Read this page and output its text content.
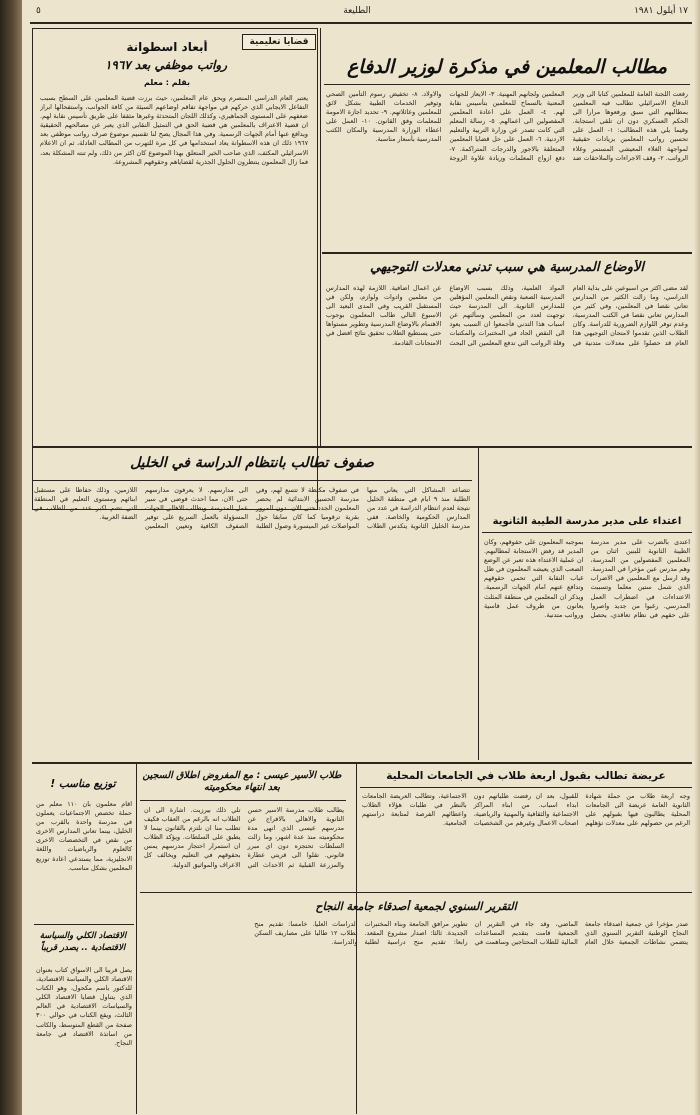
١٧ أيلول ١٩٨١
الطليعة
٥
قضايا تعليمية
أبعاد اسطوانة
رواتب موظفي بعد ١٩٦٧
بقلم : معلم
يعتبر العام الدراسي المنصرم ويحق عام المعلمين، حيث برزت قضية المعلمين على السطح بسبب التفاعل الايجابي الذي حركهم في مواجهة تفاقم اوضاعهم السيئة من كافة الجوانب، واستفحالها ابراز ضعفهم على المستوى الجماهيري، وكذلك اللجان المتحدثة وغيرها مثقفا على طريق تأسيس نقابة لهم. ان قضية الاعتراف بالمعلمين هي قضية الحق في التمثيل النقابي الذي يعبر عن مصالحهم الحقيقية ويدافع عنها أمام الجهات الرسمية. وفي هذا المجال يصح لنا تقسيم موضوع صرف رواتب موظفي بعد ١٩٦٧ ذلك ان هذه الاسطوانة يعاد استخدامها في كل مرة للتهرب من المطالب العادلة، ثم ان الاعلام الاسرائيلي المكثف، الذي صاحب الخير المتعلق بهذا الموضوع كان اكثر من ذلك، ولم تنته المشكلة بعد، فما زال المعلمون ينتظرون الحلول الجذرية لقضاياهم وحقوقهم المشروعة.
مطالب المعلمين في مذكرة لوزير الدفاع
رفعت اللجنة العامة للمعلمين كتابا الى وزير الدفاع الاسرائيلي تطالب فيه المعلمين بمطالبهم التي سبق ورفعوها مرارا الى الحكم العسكري دون ان تلقى استجابة. وفيما يلي هذه المطالب: ١- العمل على تحسين رواتب المعلمين بزيادات حقيقية لمواجهة الغلاء المعيشي المستمر وغلاء الرواتب. ٢- وقف الاجراءات والملاحقات ضد المعلمين ولجانهم المهنية. ٣- الايعاز للجهات المعنية بالسماح للمعلمين بتأسيس نقابة لهم. ٤- العمل على اعادة المعلمين المفصولين الى اعمالهم. ٥- رسالة المعلم التي كانت تصدر عن وزارة التربية والتعليم الاردنية. ٦- العمل على حل قضايا المعلمين المتعلقة بالاجور والدرجات المتراكمة. ٧- دفع ازواج المعلمات وزيادة علاوة الزوجة والاولاد. ٨- تخفيض رسوم التأمين الصحي وتوفير الخدمات الطبية بشكل لائق للمعلمين وعائلاتهم. ٩- تحديد اجازة الامومة للمعلمات وفق القانون. ١٠- العمل على اعطاء الوزارة المدرسية والمكان الكتب المدرسية بأسعار مناسبة.
الأوضاع المدرسية هي سبب تدني معدلات التوجيهي
لقد مضى اكثر من اسبوعين على بداية العام الدراسي، وما زالت الكثير من المدارس تعاني نقصا في المعلمين، وفي كثير من المدارس تعاني نقصا في الكتب المدرسية، وعدم توفر اللوازم الضرورية للدراسة. وكان الطلاب الذين تقدموا لامتحان التوجيهي هذا العام قد حصلوا على معدلات متدنية في المواد العلمية، وذلك بسبب الاوضاع المدرسية الصعبة ونقص المعلمين المؤهلين للمدارس الثانوية. الى المدرسة حيث توجهت لعدد من المعلمين وسألتهم عن اسباب هذا التدني فأجمعوا ان السبب يعود الى النقص الحاد في المختبرات والمكتبات وقلة الرواتب التي تدفع المعلمين الى البحث عن اعمال اضافية. اللازمة لهذه المدارس من معلمين وادوات ولوازم، ولكن في المستقبل القريب وفي المدى البعيد الى الاسبوع التالي طالب المعلمون بوجوب الاهتمام بالاوضاع المدرسية وتطوير مستواها حتى يستطيع الطلاب تحقيق نتائج افضل في الامتحانات القادمة.
صفوف تطالب بانتظام الدراسة في الخليل
تتصاعد المشاكل التي يعاني منها الطلبة منذ ٩ ايام في منطقة الخليل نتيجة لعدم انتظام الدراسة في عدد من المدارس الحكومية والخاصة. ففي مدرسة الخليل الثانوية يتكدس الطلاب في صفوف مكتظة لا تتسع لهم، وفي مدرسة الحسين الابتدائية لم يحضر المعلمون الجدد حتى الان. دون المرور بقرية ترقوميا كما كان سابقا حول المواصلات غير الميسورة وصول الطلبة الى مدارسهم. لا يعرفون مدارسهم حتى الان، مما احدث فوضى في سير عمل المدرسة. ويطالب الاهالي الجهات المسؤولة بالعمل السريع على توفير الصفوف الكافية وتعيين المعلمين اللازمين، وذلك حفاظا على مستقبل ابنائهم ومستوى التعليم في المنطقة التي تضم اكبر عدد من الطلاب في الضفة الغربية.	اعتداء على مدير مدرسة الطيبة الثانوية
اعتدى بالضرب على مدير مدرسة الطيبة الثانوية للبنين اثنان من المعلمين المفصولين من المدرسة، وهم مدرس عين مؤخرا في المدرسة. وقد ارسل مع المعلمين في الاضراب الذي شمل ستين معلما وتسببت الاعتداءات في اضطراب العمل المدرسي. رغبوا من جديد واصروا على حقهم في نظام تعاقدي، يحصل بموجبه المعلمون على حقوقهم، وكان المدير قد رفض الاستجابة لمطالبهم. ان عملية الاعتداء هذه تعبر عن الوضع الصعب الذي يعيشه المعلمون في ظل غياب النقابة التي تحمي حقوقهم وتدافع عنهم امام الجهات الرسمية. ويذكر ان المعلمين في منطقة المثلث يعانون من ظروف عمل قاسية ورواتب متدنية.
طلاب الأسير عيسى : مع المفروض اطلاق السجين بعد انتهاء محكوميته
يطالب طلاب مدرسة الاسير حسن الثانوية والاهالي بالافراج عن مدرسهم عيسى الذي انهى مدة محكوميته منذ عدة اشهر، وما زالت السلطات تحتجزه دون اي مبرر قانوني. تقلوا الى قريتي عطارة والمزرعة القبلية ثم الاحداث التي تلي ذلك بيرزيت. اشارة الى ان الطلاب انه بالرغم من العقاب فكيف تطلب منا ان نلتزم بالقانون بينما لا يطبق على السلطات. ويؤكد الطلاب ان استمرار احتجاز مدرسهم يمس بحقوقهم في التعليم ويخالف كل الاعراف والمواثيق الدولية.
توزيع مناسب !
اقام معلمون بان ١١٠ معلم من حملة تخصص الاجتماعيات يعملون في مدرسة واحدة بالقرب من الخليل، بينما تعاني المدارس الاخرى من نقص في التخصصات الاخرى كالعلوم والرياضيات واللغة الانجليزية، مما يستدعي اعادة توزيع المعلمين بشكل مناسب.
الاقتصاد الكلي والسياسة الاقتصادية .. يصدر قريباً
يصل قريبا الى الاسواق كتاب بعنوان الاقتصاد الكلي والسياسة الاقتصادية، للدكتور باسم مكحول، وهو الكتاب الذي يتناول قضايا الاقتصاد الكلي والسياسات الاقتصادية في العالم الثالث، ويقع الكتاب في حوالي ٣٠٠ صفحة من القطع المتوسط، والكاتب من اساتذة الاقتصاد في جامعة النجاح.
عريضة تطالب بقبول أربعة طلاب في الجامعات المحلية
وجه اربعة طلاب من حملة شهادة الثانوية العامة عريضة الى الجامعات المحلية يطالبون فيها بقبولهم على الرغم من حصولهم على معدلات تؤهلهم للقبول، بعد ان رفضت طلباتهم دون ابداء اسباب. من ابناء المراكز الاجتماعية والثقافية والمهنية والرياضية، اصحاب الاعمال وغيرهم من الشخصيات الاجتماعية، وتطالب العريضة الجامعات بالنظر في طلبات هؤلاء الطلاب واعطائهم الفرصة لمتابعة دراستهم الجامعية.
التقرير السنوي لجمعية أصدقاء جامعة النجاح
صدر مؤخرا عن جمعية اصدقاء جامعة النجاح الوطنية التقرير السنوي الذي يتضمن نشاطات الجمعية خلال العام الماضي، وقد جاء في التقرير ان الجمعية قامت بتقديم المساعدات المالية للطلاب المحتاجين وساهمت في تطوير مرافق الجامعة وبناء المختبرات الجديدة. ثالثا: اصدار مشروع المقعد. رابعا: تقديم منح دراسية لطلبة الدراسات العليا. خامسا: تقديم منح لطلاب ١٢ طالبا على مصاريف السكن والدراسة.
